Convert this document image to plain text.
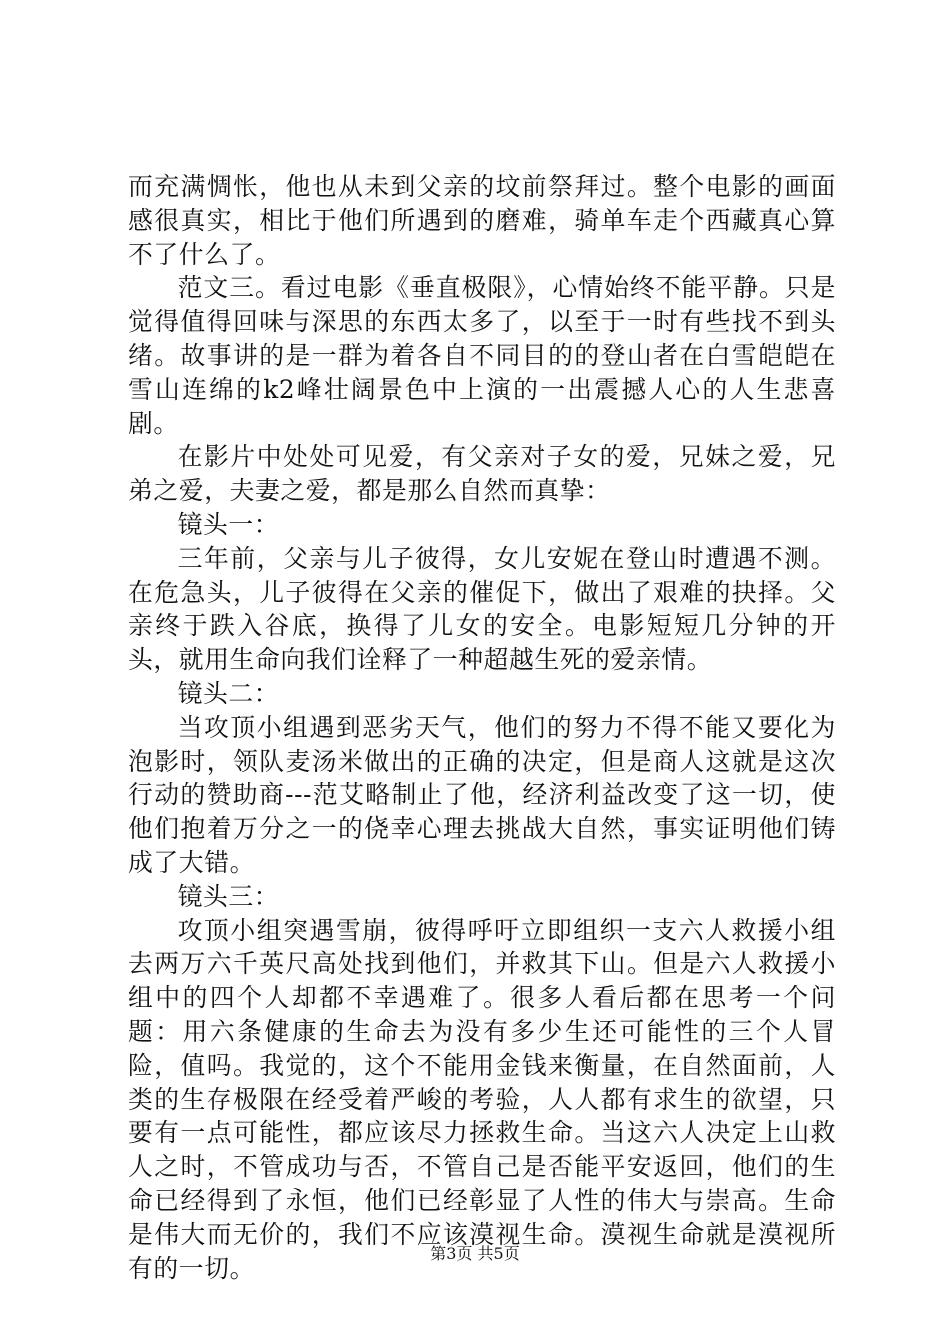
而充满惆怅，他也从未到父亲的坟前祭拜过。整个电影的画面感很真实，相比于他们所遇到的磨难，骑单车走个西藏真心算不了什么了。

范文三。看过电影《垂直极限》，心情始终不能平静。只是觉得值得回味与深思的东西太多了，以至于一时有些找不到头绪。故事讲的是一群为着各自不同目的的登山者在白雪皑皑在雪山连绵的k2峰壮阔景色中上演的一出震撼人心的人生悲喜剧。

在影片中处处可见爱，有父亲对子女的爱，兄妹之爱，兄弟之爱，夫妻之爱，都是那么自然而真挚：

镜头一：

三年前，父亲与儿子彼得，女儿安妮在登山时遭遇不测。在危急头，儿子彼得在父亲的催促下，做出了艰难的抉择。父亲终于跌入谷底，换得了儿女的安全。电影短短几分钟的开头，就用生命向我们诠释了一种超越生死的爱亲情。

镜头二：

当攻顶小组遇到恶劣天气，他们的努力不得不能又要化为泡影时，领队麦汤米做出的正确的决定，但是商人这就是这次行动的赞助商---范艾略制止了他，经济利益改变了这一切，使他们抱着万分之一的侥幸心理去挑战大自然，事实证明他们铸成了大错。

镜头三：

攻顶小组突遇雪崩，彼得呼吁立即组织一支六人救援小组去两万六千英尺高处找到他们，并救其下山。但是六人救援小组中的四个人却都不幸遇难了。很多人看后都在思考一个问题：用六条健康的生命去为没有多少生还可能性的三个人冒险，值吗。我觉的，这个不能用金钱来衡量，在自然面前，人类的生存极限在经受着严峻的考验，人人都有求生的欲望，只要有一点可能性，都应该尽力拯救生命。当这六人决定上山救人之时，不管成功与否，不管自己是否能平安返回，他们的生命已经得到了永恒，他们已经彰显了人性的伟大与崇高。生命是伟大而无价的，我们不应该漠视生命。漠视生命就是漠视所有的一切。	第3页 共5页
